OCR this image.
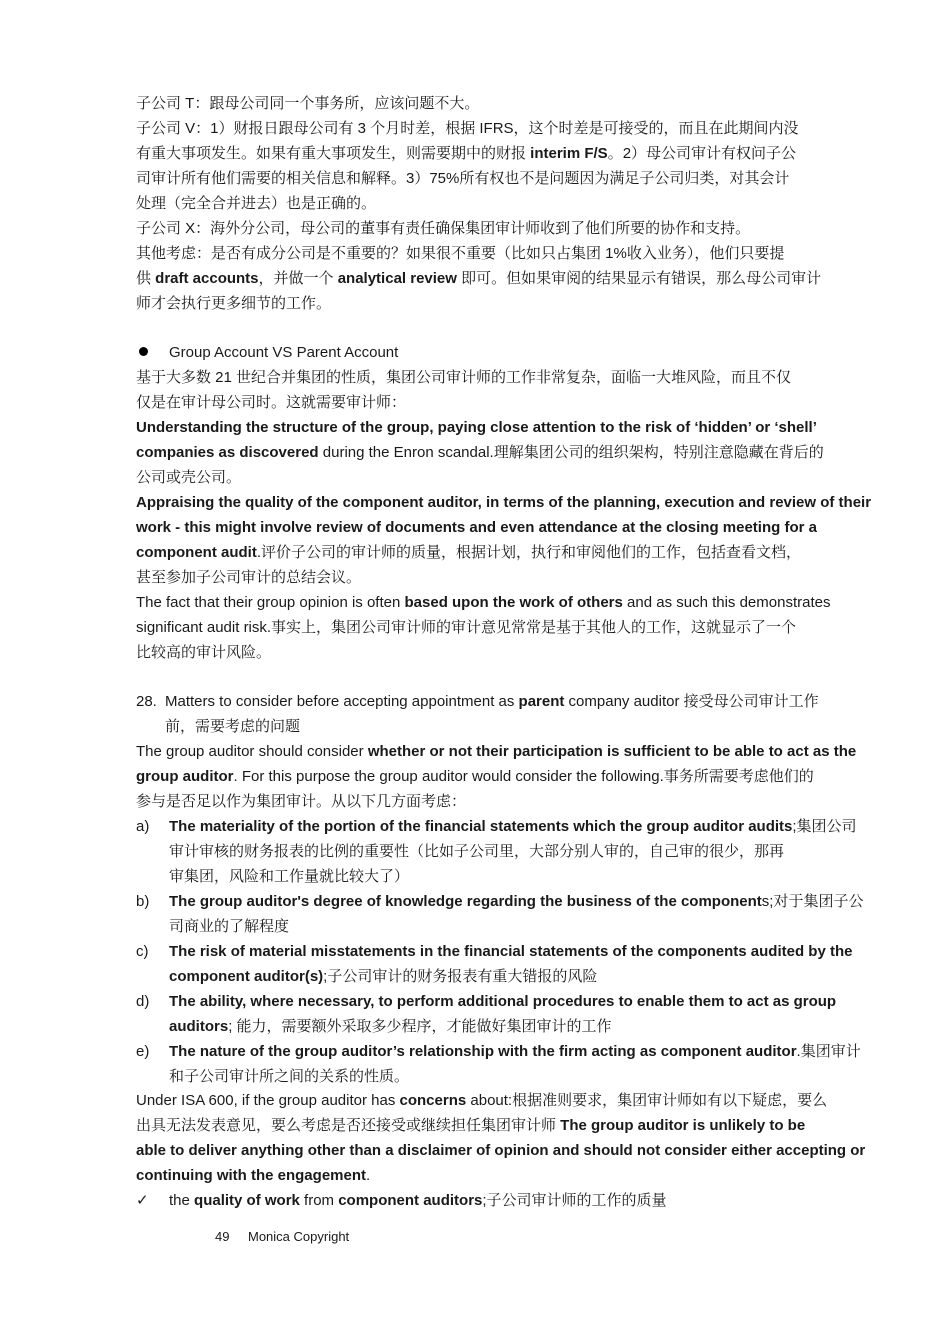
子公司 T：跟母公司同一个事务所，应该问题不大。
子公司 V：1）财报日跟母公司有 3 个月时差，根据 IFRS，这个时差是可接受的，而且在此期间内没
有重大事项发生。如果有重大事项发生，则需要期中的财报 interim F/S。2）母公司审计有权问子公
司审计所有他们需要的相关信息和解释。3）75%所有权也不是问题因为满足子公司归类，对其会计
处理（完全合并进去）也是正确的。
子公司 X：海外分公司，母公司的董事有责任确保集团审计师收到了他们所要的协作和支持。
其他考虑：是否有成分公司是不重要的？如果很不重要（比如只占集团 1%收入业务），他们只要提
供 draft accounts，并做一个 analytical review 即可。但如果审阅的结果显示有错误，那么母公司审计
师才会执行更多细节的工作。
Group Account VS Parent Account
基于大多数 21 世纪合并集团的性质，集团公司审计师的工作非常复杂，面临一大堆风险，而且不仅
仅是在审计母公司时。这就需要审计师：
Understanding the structure of the group, paying close attention to the risk of ‘hidden’ or ‘shell’
companies as discovered during the Enron scandal.理解集团公司的组织架构，特别注意隐藏在背后的
公司或壳公司。
Appraising the quality of the component auditor, in terms of the planning, execution and review of their
work - this might involve review of documents and even attendance at the closing meeting for a
component audit.评价子公司的审计师的质量，根据计划，执行和审阅他们的工作，包括查看文档，
甚至参加子公司审计的总结会议。
The fact that their group opinion is often based upon the work of others and as such this demonstrates
significant audit risk.事实上，集团公司审计师的审计意见常常是基于其他人的工作，这就显示了一个
比较高的审计风险。
28. Matters to consider before accepting appointment as parent company auditor 接受母公司审计工作
前，需要考虑的问题
The group auditor should consider whether or not their participation is sufficient to be able to act as the
group auditor. For this purpose the group auditor would consider the following.事务所需要考虑他们的
参与是否足以作为集团审计。从以下几方面考虑：
a) The materiality of the portion of the financial statements which the group auditor audits;集团公司
审计审核的财务报表的比例的重要性（比如子公司里，大部分别人审的，自己审的很少，那再
审集团，风险和工作量就比较大了）
b) The group auditor's degree of knowledge regarding the business of the components;对于集团子公
司商业的了解程度
c) The risk of material misstatements in the financial statements of the components audited by the
component auditor(s);子公司审计的财务报表有重大错报的风险
d) The ability, where necessary, to perform additional procedures to enable them to act as group
auditors; 能力，需要额外采取多少程序，才能做好集团审计的工作
e) The nature of the group auditor’s relationship with the firm acting as component auditor.集团审计
和子公司审计所之间的关系的性质。
Under ISA 600, if the group auditor has concerns about:根据准则要求，集团审计师如有以下疑虑，要么
出具无法发表意见，要么考虑是否还接受或继续担任集团审计师 The group auditor is unlikely to be
able to deliver anything other than a disclaimer of opinion and should not consider either accepting or
continuing with the engagement.
✓ the quality of work from component auditors;子公司审计师的工作的质量
49 Monica Copyright
